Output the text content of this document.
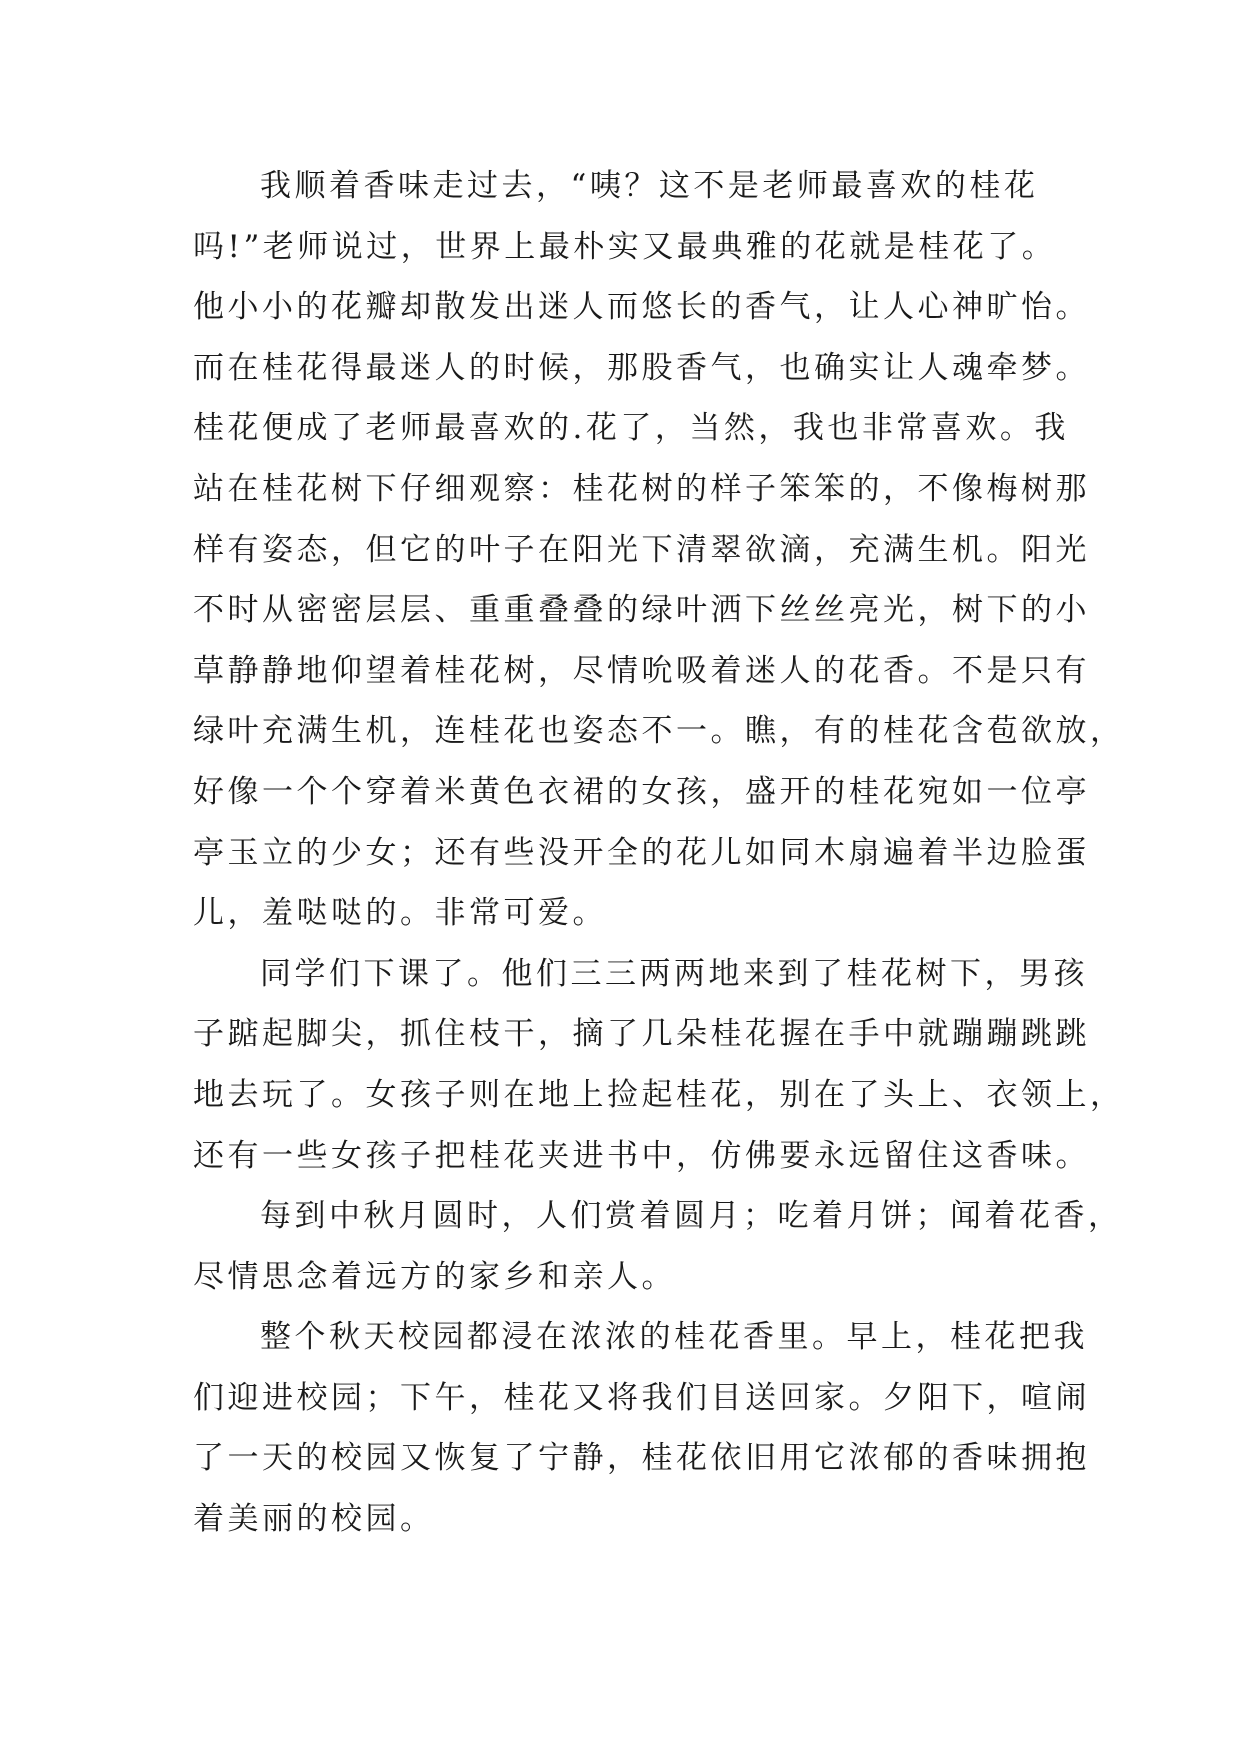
我顺着香味走过去，“咦？这不是老师最喜欢的桂花
吗!”老师说过，世界上最朴实又最典雅的花就是桂花了。
他小小的花瓣却散发出迷人而悠长的香气，让人心神旷怡。
而在桂花得最迷人的时候，那股香气，也确实让人魂牵梦。
桂花便成了老师最喜欢的.花了，当然，我也非常喜欢。我
站在桂花树下仔细观察：桂花树的样子笨笨的，不像梅树那
样有姿态，但它的叶子在阳光下清翠欲滴，充满生机。阳光
不时从密密层层、重重叠叠的绿叶洒下丝丝亮光，树下的小
草静静地仰望着桂花树，尽情吮吸着迷人的花香。不是只有
绿叶充满生机，连桂花也姿态不一。瞧，有的桂花含苞欲放，
好像一个个穿着米黄色衣裙的女孩，盛开的桂花宛如一位亭
亭玉立的少女；还有些没开全的花儿如同木扇遍着半边脸蛋
儿，羞哒哒的。非常可爱。
同学们下课了。他们三三两两地来到了桂花树下，男孩
子踮起脚尖，抓住枝干，摘了几朵桂花握在手中就蹦蹦跳跳
地去玩了。女孩子则在地上捡起桂花，别在了头上、衣领上，
还有一些女孩子把桂花夹进书中，仿佛要永远留住这香味。
每到中秋月圆时，人们赏着圆月；吃着月饼；闻着花香，
尽情思念着远方的家乡和亲人。
整个秋天校园都浸在浓浓的桂花香里。早上，桂花把我
们迎进校园；下午，桂花又将我们目送回家。夕阳下，喧闹
了一天的校园又恢复了宁静，桂花依旧用它浓郁的香味拥抱
着美丽的校园。
